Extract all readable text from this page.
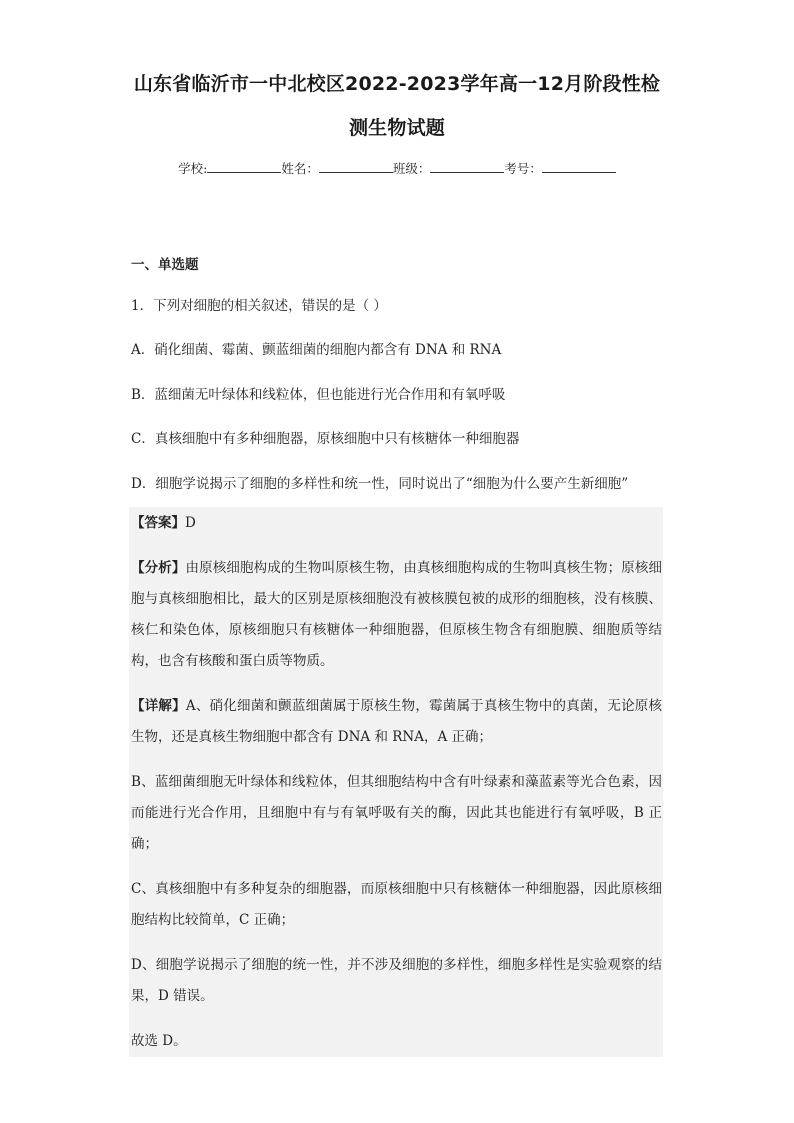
山东省临沂市一中北校区2022-2023学年高一12月阶段性检
测生物试题
学校:	姓名：	班级：	考号：
一、单选题
1．下列对细胞的相关叙述，错误的是（ ）
A．硝化细菌、霉菌、颤蓝细菌的细胞内都含有 DNA 和 RNA
B．蓝细菌无叶绿体和线粒体，但也能进行光合作用和有氧呼吸
C．真核细胞中有多种细胞器，原核细胞中只有核糖体一种细胞器
D．细胞学说揭示了细胞的多样性和统一性，同时说出了“细胞为什么要产生新细胞”
【答案】D
【分析】由原核细胞构成的生物叫原核生物，由真核细胞构成的生物叫真核生物；原核细胞与真核细胞相比，最大的区别是原核细胞没有被核膜包被的成形的细胞核，没有核膜、核仁和染色体，原核细胞只有核糖体一种细胞器，但原核生物含有细胞膜、细胞质等结构，也含有核酸和蛋白质等物质。
【详解】A、硝化细菌和颤蓝细菌属于原核生物，霉菌属于真核生物中的真菌，无论原核生物，还是真核生物细胞中都含有 DNA 和 RNA，A 正确；
B、蓝细菌细胞无叶绿体和线粒体，但其细胞结构中含有叶绿素和藻蓝素等光合色素，因而能进行光合作用，且细胞中有与有氧呼吸有关的酶，因此其也能进行有氧呼吸，B 正确；
C、真核细胞中有多种复杂的细胞器，而原核细胞中只有核糖体一种细胞器，因此原核细胞结构比较简单，C 正确；
D、细胞学说揭示了细胞的统一性，并不涉及细胞的多样性，细胞多样性是实验观察的结果，D 错误。
故选 D。
